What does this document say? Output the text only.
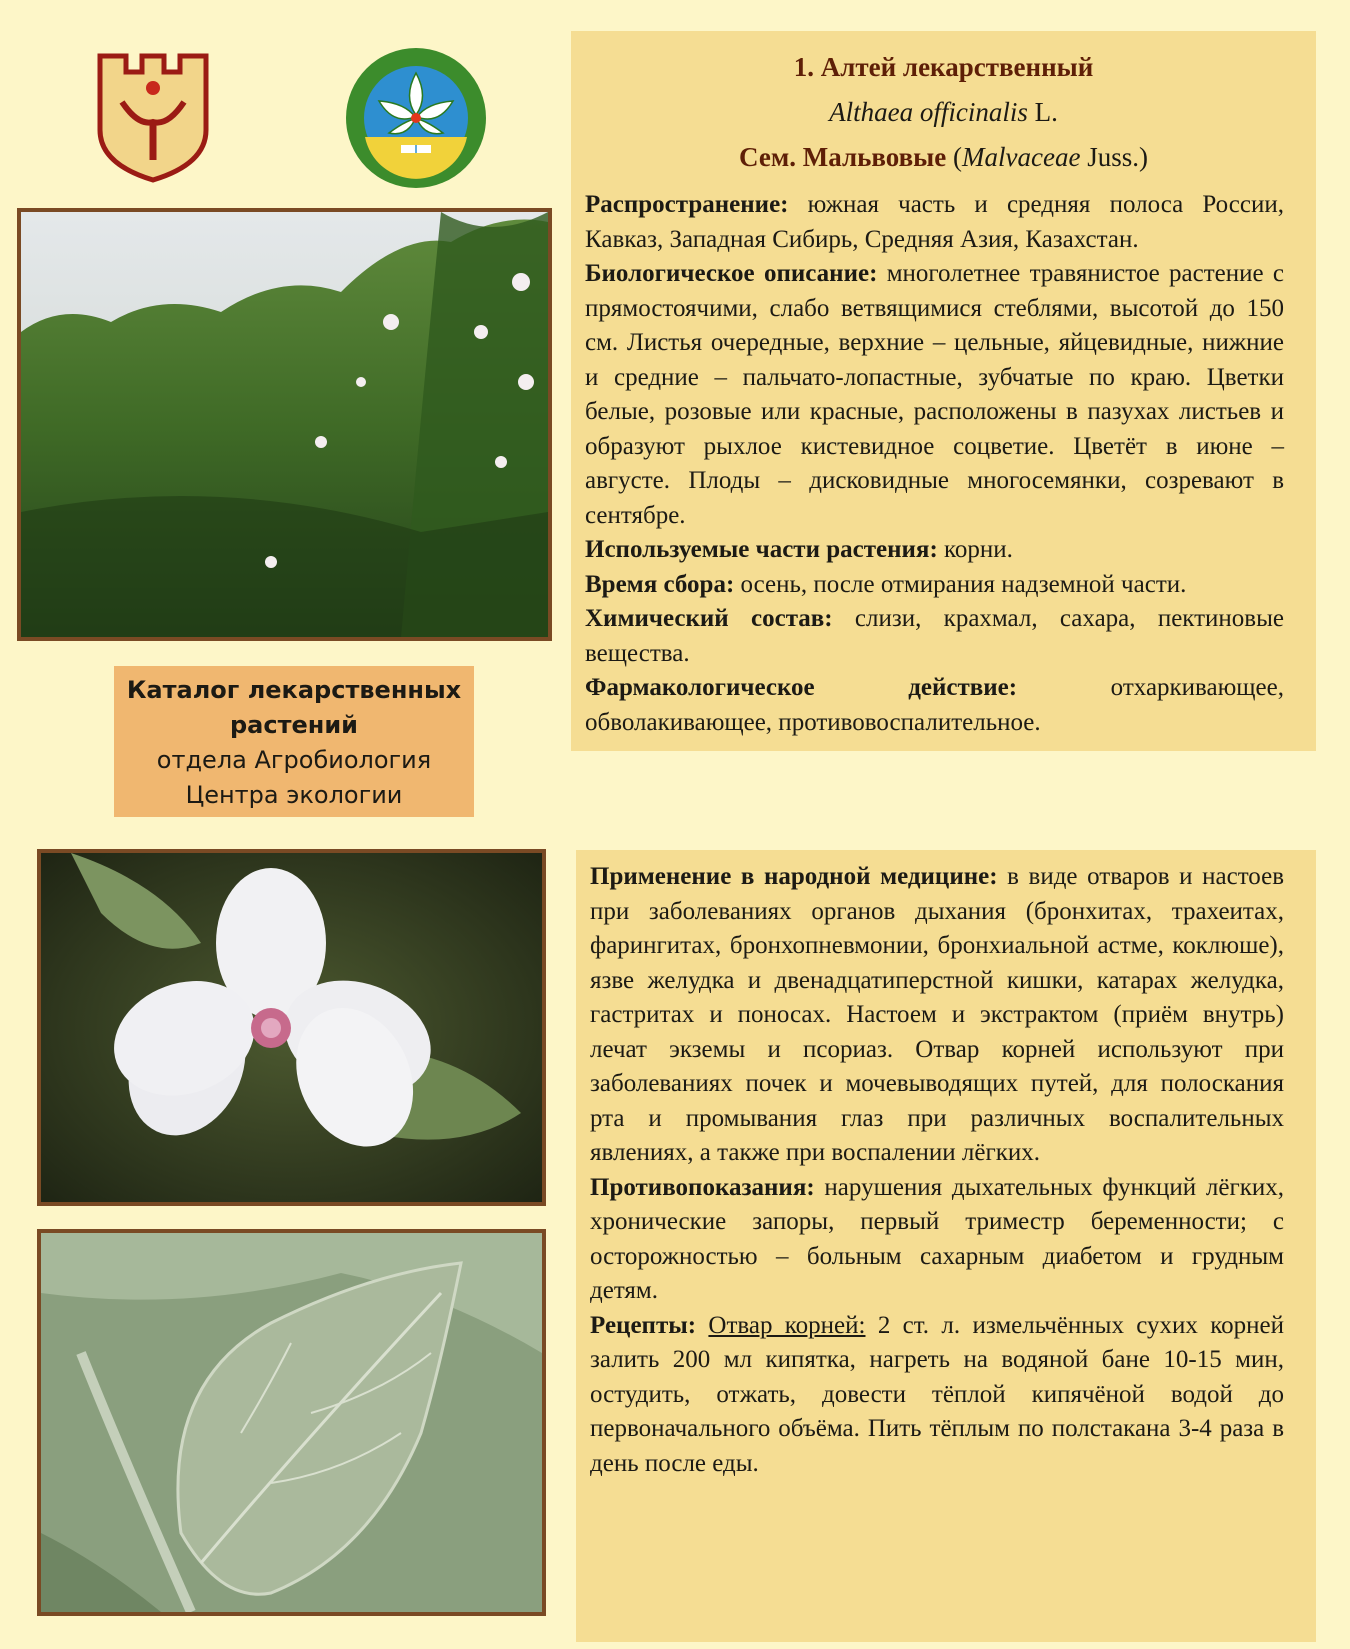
1. Алтей лекарственный
Althaea officinalis L.
Сем. Мальвовые (Malvaceae Juss.)

Распространение: южная часть и средняя полоса России, Кавказ, Западная Сибирь, Средняя Азия, Казахстан.

Биологическое описание: многолетнее травянистое растение с прямостоячими, слабо ветвящимися стеблями, высотой до 150 см. Листья очередные, верхние – цельные, яйцевидные, нижние и средние – пальчато-лопастные, зубчатые по краю. Цветки белые, розовые или красные, расположены в пазухах листьев и образуют рыхлое кистевидное соцветие. Цветёт в июне – августе. Плоды – дисковидные многосемянки, созревают в сентябре.

Используемые части растения: корни.

Время сбора: осень, после отмирания надземной части.

Химический состав: слизи, крахмал, сахара, пектиновые вещества.

Фармакологическое действие: отхаркивающее, обволакивающее, противовоспалительное.

Каталог лекарственных
растений
отдела Агробиология
Центра экологии

Применение в народной медицине: в виде отваров и настоев при заболеваниях органов дыхания (бронхитах, трахеитах, фарингитах, бронхопневмонии, бронхиальной астме, коклюше), язве желудка и двенадцатиперстной кишки, катарах желудка, гастритах и поносах. Настоем и экстрактом (приём внутрь) лечат экземы и псориаз. Отвар корней используют при заболеваниях почек и мочевыводящих путей, для полоскания рта и промывания глаз при различных воспалительных явлениях, а также при воспалении лёгких.

Противопоказания: нарушения дыхательных функций лёгких, хронические запоры, первый триместр беременности; с осторожностью – больным сахарным диабетом и грудным детям.

Рецепты: Отвар корней: 2 ст. л. измельчённых сухих корней залить 200 мл кипятка, нагреть на водяной бане 10-15 мин, остудить, отжать, довести тёплой кипячёной водой до первоначального объёма. Пить тёплым по полстакана 3-4 раза в день после еды.
